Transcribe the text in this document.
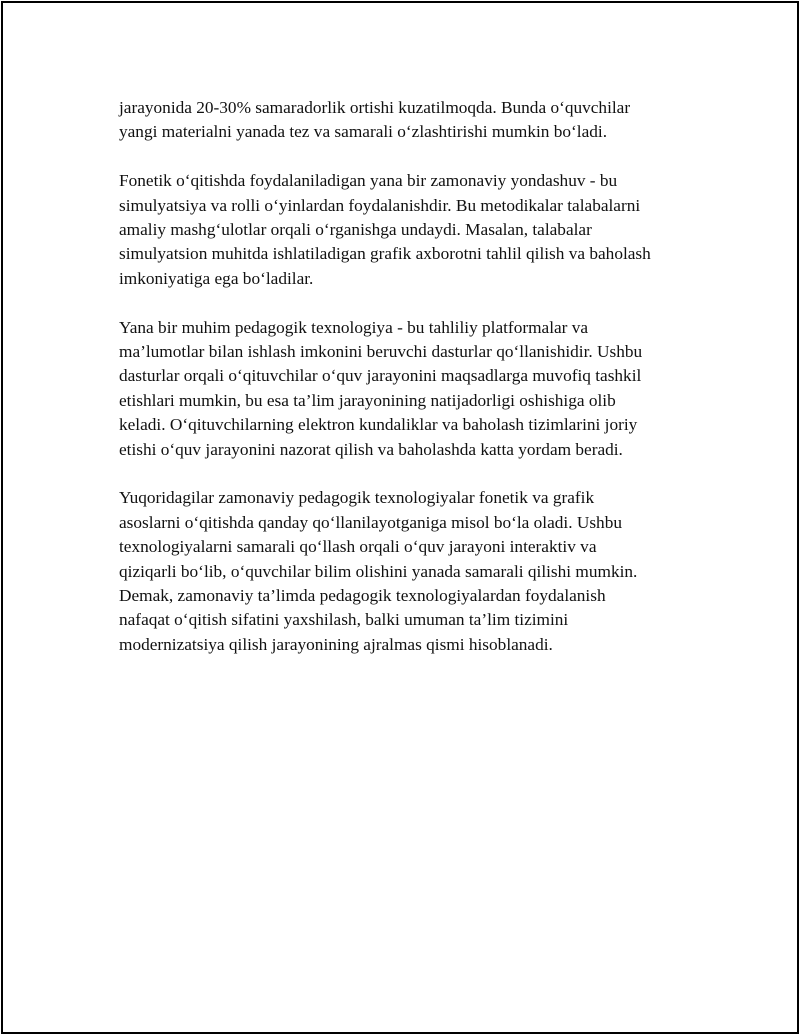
jarayonida 20-30% samaradorlik ortishi kuzatilmoqda. Bunda o‘quvchilar
yangi materialni yanada tez va samarali o‘zlashtirishi mumkin bo‘ladi.

Fonetik o‘qitishda foydalaniladigan yana bir zamonaviy yondashuv - bu
simulyatsiya va rolli o‘yinlardan foydalanishdir. Bu metodikalar talabalarni
amaliy mashg‘ulotlar orqali o‘rganishga undaydi. Masalan, talabalar
simulyatsion muhitda ishlatiladigan grafik axborotni tahlil qilish va baholash
imkoniyatiga ega bo‘ladilar.

Yana bir muhim pedagogik texnologiya - bu tahliliy platformalar va
ma’lumotlar bilan ishlash imkonini beruvchi dasturlar qo‘llanishidir. Ushbu
dasturlar orqali o‘qituvchilar o‘quv jarayonini maqsadlarga muvofiq tashkil
etishlari mumkin, bu esa ta’lim jarayonining natijadorligi oshishiga olib
keladi. O‘qituvchilarning elektron kundaliklar va baholash tizimlarini joriy
etishi o‘quv jarayonini nazorat qilish va baholashda katta yordam beradi.

Yuqoridagilar zamonaviy pedagogik texnologiyalar fonetik va grafik
asoslarni o‘qitishda qanday qo‘llanilayotganiga misol bo‘la oladi. Ushbu
texnologiyalarni samarali qo‘llash orqali o‘quv jarayoni interaktiv va
qiziqarli bo‘lib, o‘quvchilar bilim olishini yanada samarali qilishi mumkin.
Demak, zamonaviy ta’limda pedagogik texnologiyalardan foydalanish
nafaqat o‘qitish sifatini yaxshilash, balki umuman ta’lim tizimini
modernizatsiya qilish jarayonining ajralmas qismi hisoblanadi.
